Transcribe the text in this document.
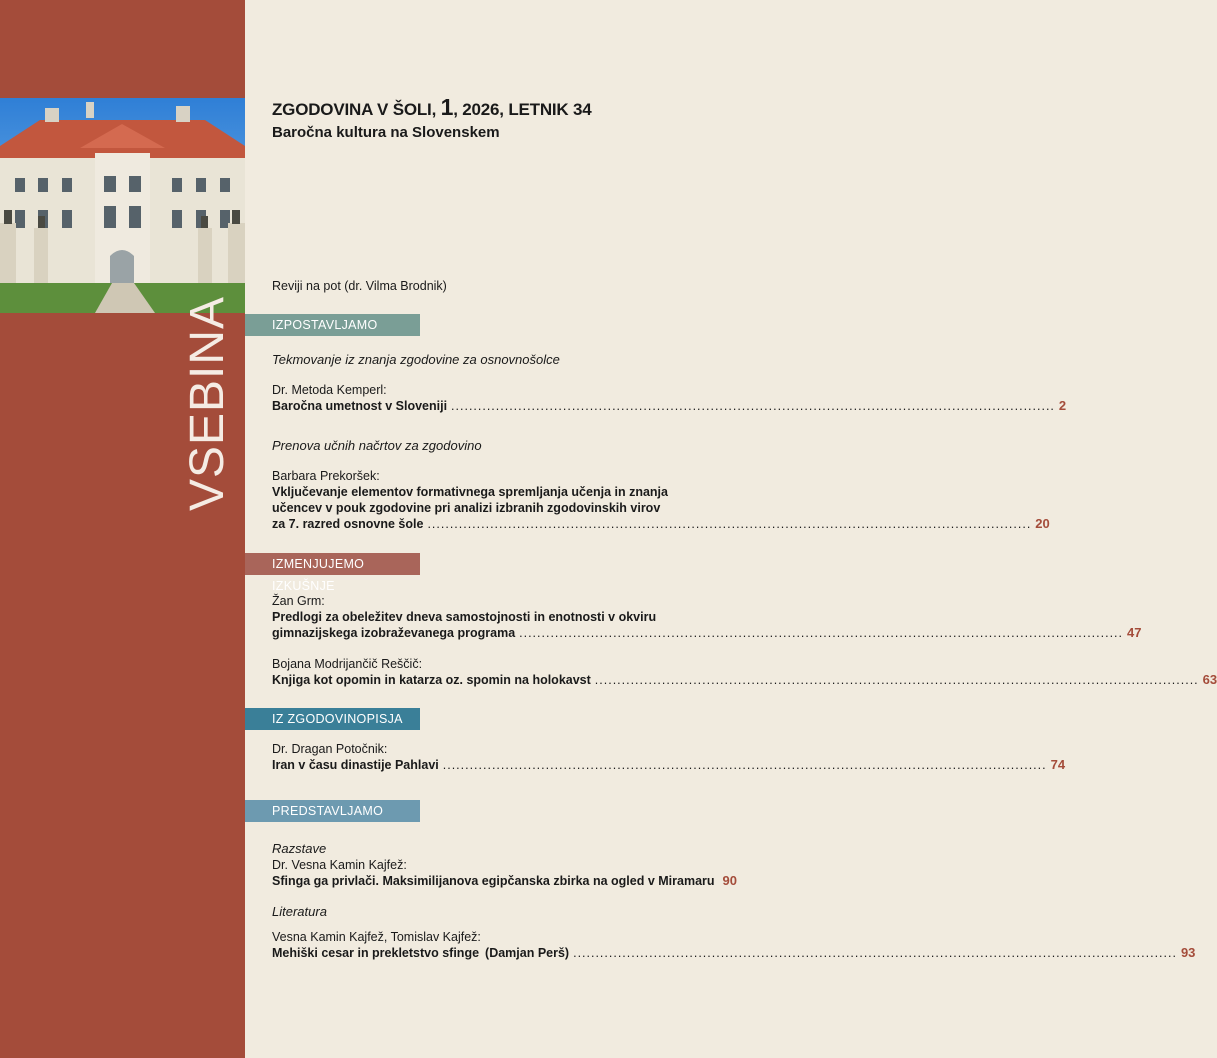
VSEBINA
ZGODOVINA V ŠOLI, 1, 2026, LETNIK 34
Baročna kultura na Slovenskem
Reviji na pot (dr. Vilma Brodnik)
IZPOSTAVLJAMO
Tekmovanje iz znanja zgodovine za osnovnošolce
Dr. Metoda Kemperl:
Baročna umetnost v Sloveniji ....................................................................................................................................... 2
Prenova učnih načrtov za zgodovino
Barbara Prekoršek:
Vključevanje elementov formativnega spremljanja učenja in znanja
učencev v pouk zgodovine pri analizi izbranih zgodovinskih virov
za 7. razred osnovne šole ....................................................................................................................................... 20
IZMENJUJEMO IZKUŠNJE
Žan Grm:
Predlogi za obeležitev dneva samostojnosti in enotnosti v okviru
gimnazijskega izobraževanega programa ....................................................................................................................................... 47
Bojana Modrijančič Reščič:
Knjiga kot opomin in katarza oz. spomin na holokavst ....................................................................................................................................... 63
IZ ZGODOVINOPISJA
Dr. Dragan Potočnik:
Iran v času dinastije Pahlavi ....................................................................................................................................... 74
PREDSTAVLJAMO
Razstave
Dr. Vesna Kamin Kajfež:
Sfinga ga privlači. Maksimilijanova egipčanska zbirka na ogled v Miramaru 90
Literatura
Vesna Kamin Kajfež, Tomislav Kajfež:
Mehiški cesar in prekletstvo sfinge (Damjan Perš) ....................................................................................................................................... 93
